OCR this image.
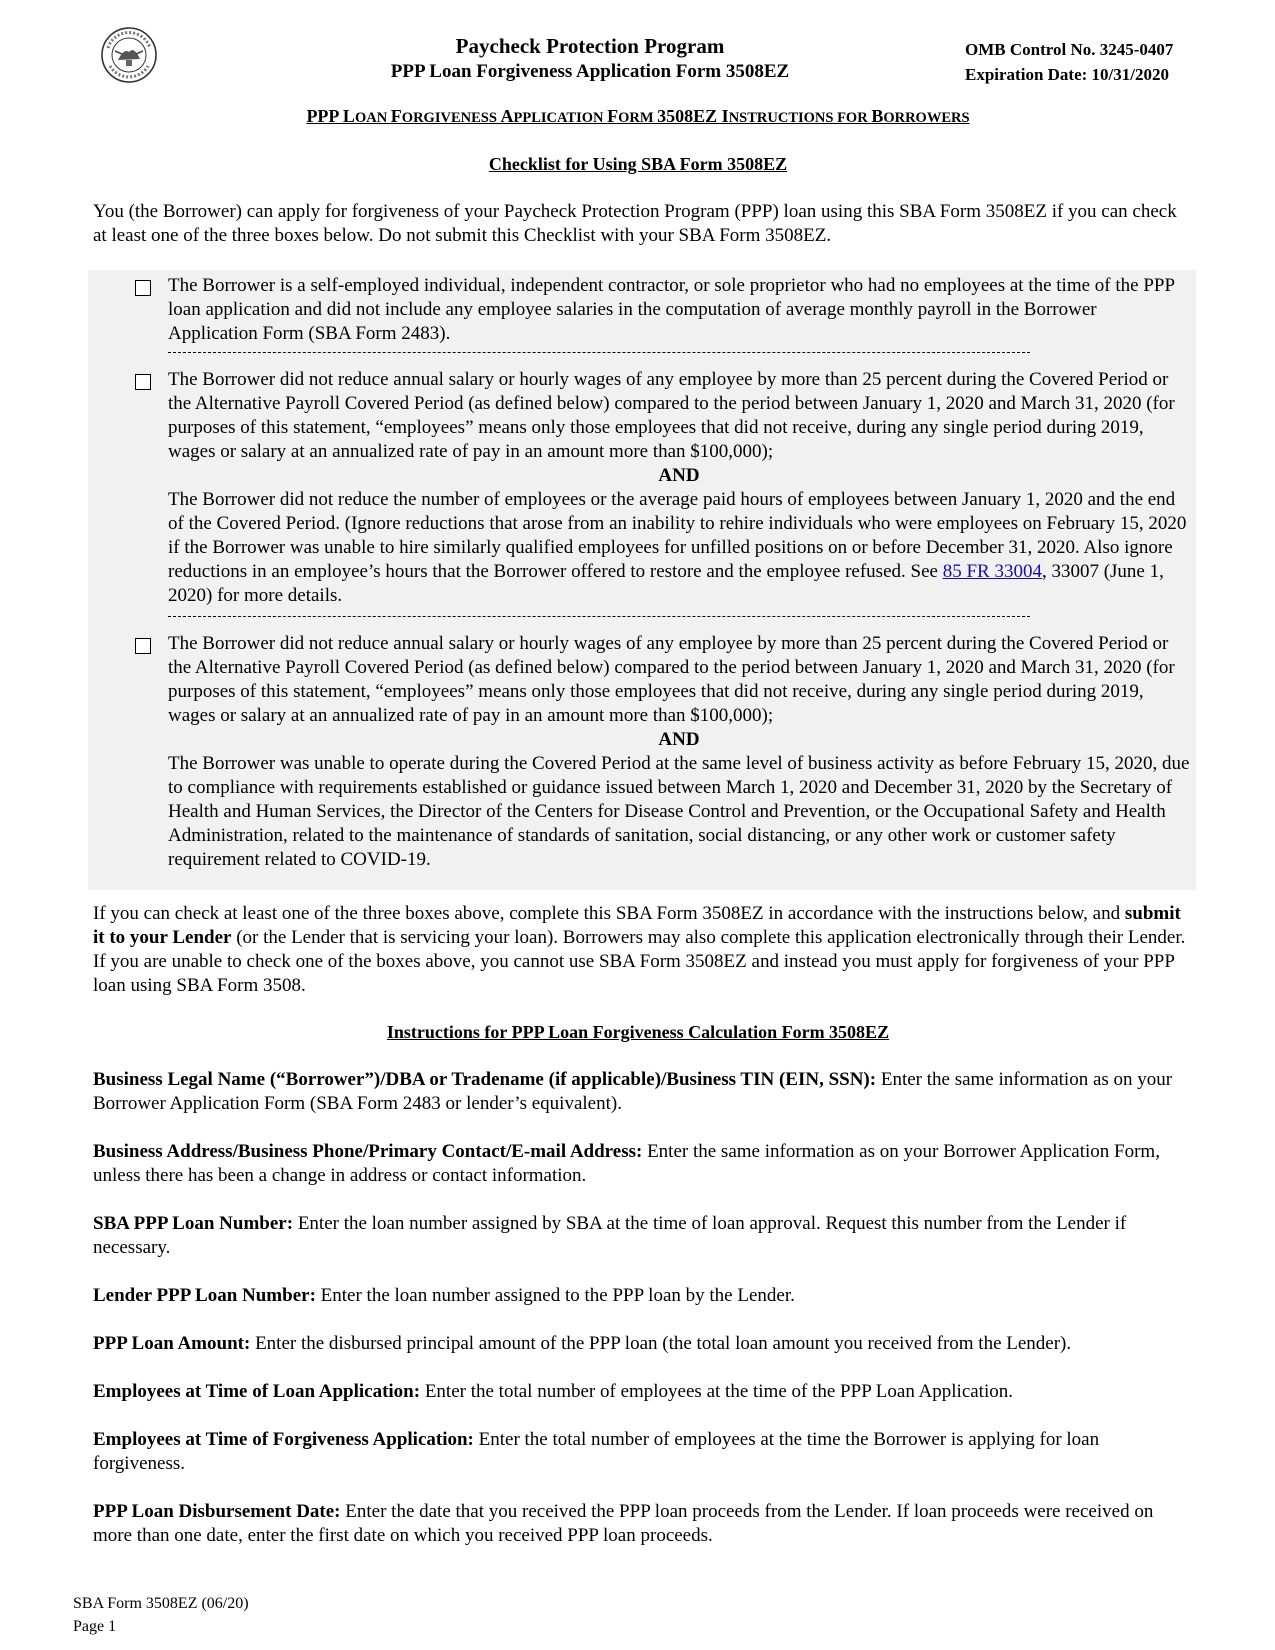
Paycheck Protection Program
PPP Loan Forgiveness Application Form 3508EZ
OMB Control No. 3245-0407
Expiration Date: 10/31/2020
PPP LOAN FORGIVENESS APPLICATION FORM 3508EZ INSTRUCTIONS FOR BORROWERS
Checklist for Using SBA Form 3508EZ
You (the Borrower) can apply for forgiveness of your Paycheck Protection Program (PPP) loan using this SBA Form 3508EZ if you can check at least one of the three boxes below. Do not submit this Checklist with your SBA Form 3508EZ.
The Borrower is a self-employed individual, independent contractor, or sole proprietor who had no employees at the time of the PPP loan application and did not include any employee salaries in the computation of average monthly payroll in the Borrower Application Form (SBA Form 2483).
The Borrower did not reduce annual salary or hourly wages of any employee by more than 25 percent during the Covered Period or the Alternative Payroll Covered Period (as defined below) compared to the period between January 1, 2020 and March 31, 2020 (for purposes of this statement, “employees” means only those employees that did not receive, during any single period during 2019, wages or salary at an annualized rate of pay in an amount more than $100,000);
AND
The Borrower did not reduce the number of employees or the average paid hours of employees between January 1, 2020 and the end of the Covered Period. (Ignore reductions that arose from an inability to rehire individuals who were employees on February 15, 2020 if the Borrower was unable to hire similarly qualified employees for unfilled positions on or before December 31, 2020. Also ignore reductions in an employee’s hours that the Borrower offered to restore and the employee refused. See 85 FR 33004, 33007 (June 1, 2020) for more details.
The Borrower did not reduce annual salary or hourly wages of any employee by more than 25 percent during the Covered Period or the Alternative Payroll Covered Period (as defined below) compared to the period between January 1, 2020 and March 31, 2020 (for purposes of this statement, “employees” means only those employees that did not receive, during any single period during 2019, wages or salary at an annualized rate of pay in an amount more than $100,000);
AND
The Borrower was unable to operate during the Covered Period at the same level of business activity as before February 15, 2020, due to compliance with requirements established or guidance issued between March 1, 2020 and December 31, 2020 by the Secretary of Health and Human Services, the Director of the Centers for Disease Control and Prevention, or the Occupational Safety and Health Administration, related to the maintenance of standards of sanitation, social distancing, or any other work or customer safety requirement related to COVID-19.
If you can check at least one of the three boxes above, complete this SBA Form 3508EZ in accordance with the instructions below, and submit it to your Lender (or the Lender that is servicing your loan). Borrowers may also complete this application electronically through their Lender. If you are unable to check one of the boxes above, you cannot use SBA Form 3508EZ and instead you must apply for forgiveness of your PPP loan using SBA Form 3508.
Instructions for PPP Loan Forgiveness Calculation Form 3508EZ
Business Legal Name (“Borrower”)/DBA or Tradename (if applicable)/Business TIN (EIN, SSN): Enter the same information as on your Borrower Application Form (SBA Form 2483 or lender’s equivalent).
Business Address/Business Phone/Primary Contact/E-mail Address: Enter the same information as on your Borrower Application Form, unless there has been a change in address or contact information.
SBA PPP Loan Number: Enter the loan number assigned by SBA at the time of loan approval. Request this number from the Lender if necessary.
Lender PPP Loan Number: Enter the loan number assigned to the PPP loan by the Lender.
PPP Loan Amount: Enter the disbursed principal amount of the PPP loan (the total loan amount you received from the Lender).
Employees at Time of Loan Application: Enter the total number of employees at the time of the PPP Loan Application.
Employees at Time of Forgiveness Application: Enter the total number of employees at the time the Borrower is applying for loan forgiveness.
PPP Loan Disbursement Date: Enter the date that you received the PPP loan proceeds from the Lender. If loan proceeds were received on more than one date, enter the first date on which you received PPP loan proceeds.
SBA Form 3508EZ (06/20)
Page 1
